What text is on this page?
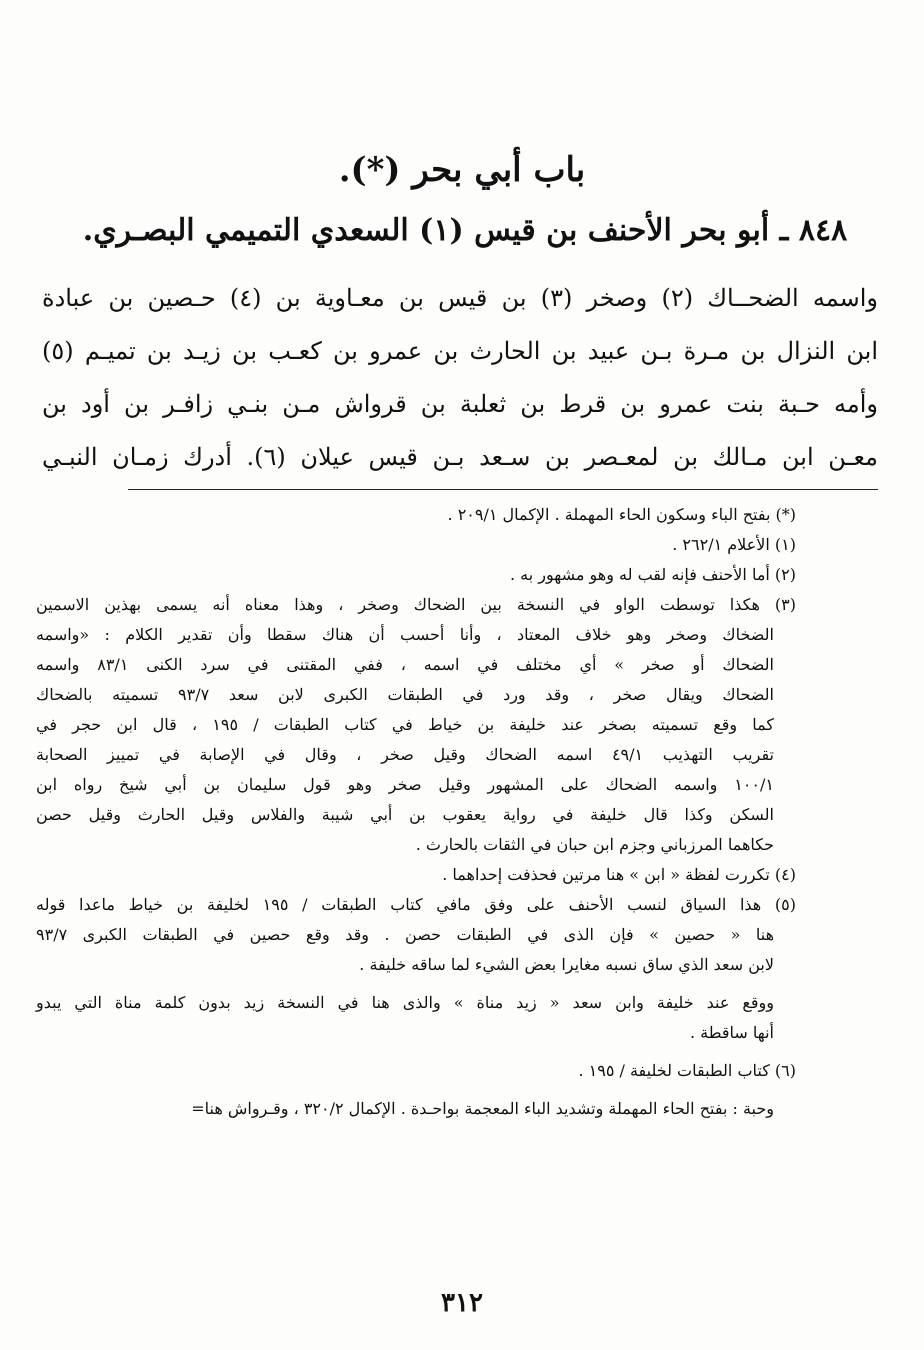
باب أبي بحر (*).
٨٤٨ ـ أبو بحر الأحنف بن قيس (١) السعدي التميمي البصـري.
واسمه الضحــاك (٢) وصخر (٣) بن قيس بن معـاوية بن (٤) حـصين بن عبادة
ابن النزال بن مـرة بـن عبيد بن الحارث بن عمرو بن كعـب بن زيـد بن تميـم (٥)
وأمه حـبة بنت عمرو بن قرط بن ثعلبة بن قرواش مـن بنـي زافـر بن أود بن
معـن ابن مـالك بن لمعـصر بن سـعد بـن قيس عيلان (٦). أدرك زمـان النبـي
(*) بفتح الباء وسكون الحاء المهملة . الإكمال ٢٠٩/١ .
(١) الأعلام ٢٦٢/١ .
(٢) أما الأحنف فإنه لقب له وهو مشهور به .
(٣) هكذا توسطت الواو في النسخة بين الضحاك وصخر ، وهذا معناه أنه يسمى بهذين الاسمين
الضخاك وصخر وهو خلاف المعتاد ، وأنا أحسب أن هناك سقطا وأن تقدير الكلام : «واسمه
الضحاك أو صخر » أي مختلف في اسمه ، ففي المقتنى في سرد الكنى ٨٣/١ واسمه
الضحاك ويقال صخر ، وقد ورد في الطبقات الكبرى لابن سعد ٩٣/٧ تسميته بالضحاك
كما وقع تسميته بصخر عند خليفة بن خياط في كتاب الطبقات / ١٩٥ ، قال ابن حجر في
تقريب التهذيب ٤٩/١ اسمه الضحاك وقيل صخر ، وقال في الإصابة في تمييز الصحابة
١٠٠/١ واسمه الضحاك على المشهور وقيل صخر وهو قول سليمان بن أبي شيخ رواه ابن
السكن وكذا قال خليفة في رواية يعقوب بن أبي شيبة والفلاس وقيل الحارث وقيل حصن
حكاهما المرزباني وجزم ابن حبان في الثقات بالحارث .
(٤) تكررت لفظة « ابن » هنا مرتين فحذفت إحداهما .
(٥) هذا السياق لنسب الأحنف على وفق مافي كتاب الطبقات / ١٩٥ لخليفة بن خياط ماعدا قوله
هنا « حصين » فإن الذى في الطبقات حصن . وقد وقع حصين في الطبقات الكبرى ٩٣/٧
لابن سعد الذي ساق نسبه مغايرا بعض الشيء لما ساقه خليفة .
ووقع عند خليفة وابن سعد « زيد مناة » والذى هنا في النسخة زيد بدون كلمة مناة التي يبدو
أنها ساقطة .
(٦) كتاب الطبقات لخليفة / ١٩٥ .
وحبة : بفتح الحاء المهملة وتشديد الباء المعجمة بواحـدة . الإكمال ٣٢٠/٢ ، وقـرواش هنا=
٣١٢
